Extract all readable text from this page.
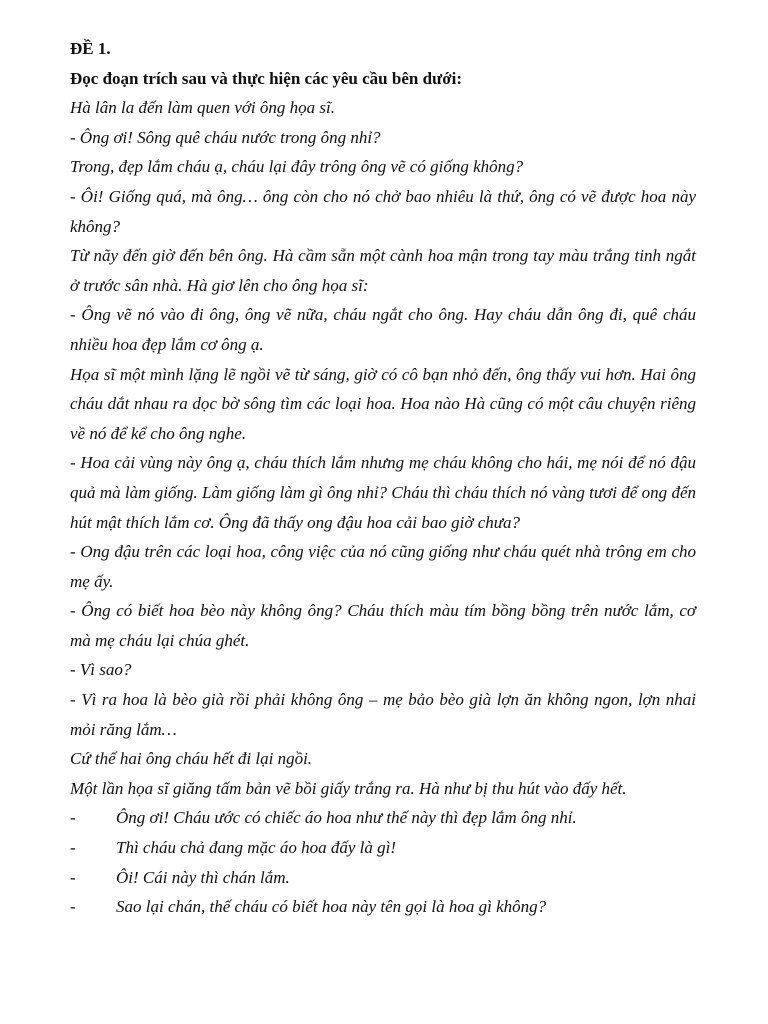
ĐỀ 1.

Đọc đoạn trích sau và thực hiện các yêu cầu bên dưới:

Hà lân la đến làm quen với ông họa sĩ.

- Ông ơi! Sông quê cháu nước trong ông nhỉ?

Trong, đẹp lắm cháu ạ, cháu lại đây trông ông vẽ có giống không?

- Ôi! Giống quá, mà ông… ông còn cho nó chở bao nhiêu là thứ, ông có vẽ được hoa này không?

Từ nãy đến giờ đến bên ông. Hà cầm sẵn một cành hoa mận trong tay màu trắng tinh ngắt ở trước sân nhà. Hà giơ lên cho ông họa sĩ:

- Ông vẽ nó vào đi ông, ông vẽ nữa, cháu ngắt cho ông. Hay cháu dẫn ông đi, quê cháu nhiều hoa đẹp lắm cơ ông ạ.

Họa sĩ một mình lặng lẽ ngồi vẽ từ sáng, giờ có cô bạn nhỏ đến, ông thấy vui hơn. Hai ông cháu dắt nhau ra dọc bờ sông tìm các loại hoa. Hoa nào Hà cũng có một câu chuyện riêng về nó để kể cho ông nghe.

- Hoa cải vùng này ông ạ, cháu thích lắm nhưng mẹ cháu không cho hái, mẹ nói để nó đậu quả mà làm giống. Làm giống làm gì ông nhỉ? Cháu thì cháu thích nó vàng tươi để ong đến hút mật thích lắm cơ. Ông đã thấy ong đậu hoa cải bao giờ chưa?

- Ong đậu trên các loại hoa, công việc của nó cũng giống như cháu quét nhà trông em cho mẹ ấy.

- Ông có biết hoa bèo này không ông? Cháu thích màu tím bồng bồng trên nước lắm, cơ mà mẹ cháu lại chúa ghét.

- Vì sao?

- Vì ra hoa là bèo già rồi phải không ông – mẹ bảo bèo già lợn ăn không ngon, lợn nhai mỏi răng lắm…

Cứ thế hai ông cháu hết đi lại ngồi.

Một lần họa sĩ giăng tấm bản vẽ bồi giấy trắng ra. Hà như bị thu hút vào đấy hết.

-	Ông ơi! Cháu ước có chiếc áo hoa như thế này thì đẹp lắm ông nhỉ.
-	Thì cháu chả đang mặc áo hoa đấy là gì!
-	Ôi! Cái này thì chán lắm.
-	Sao lại chán, thế cháu có biết hoa này tên gọi là hoa gì không?
